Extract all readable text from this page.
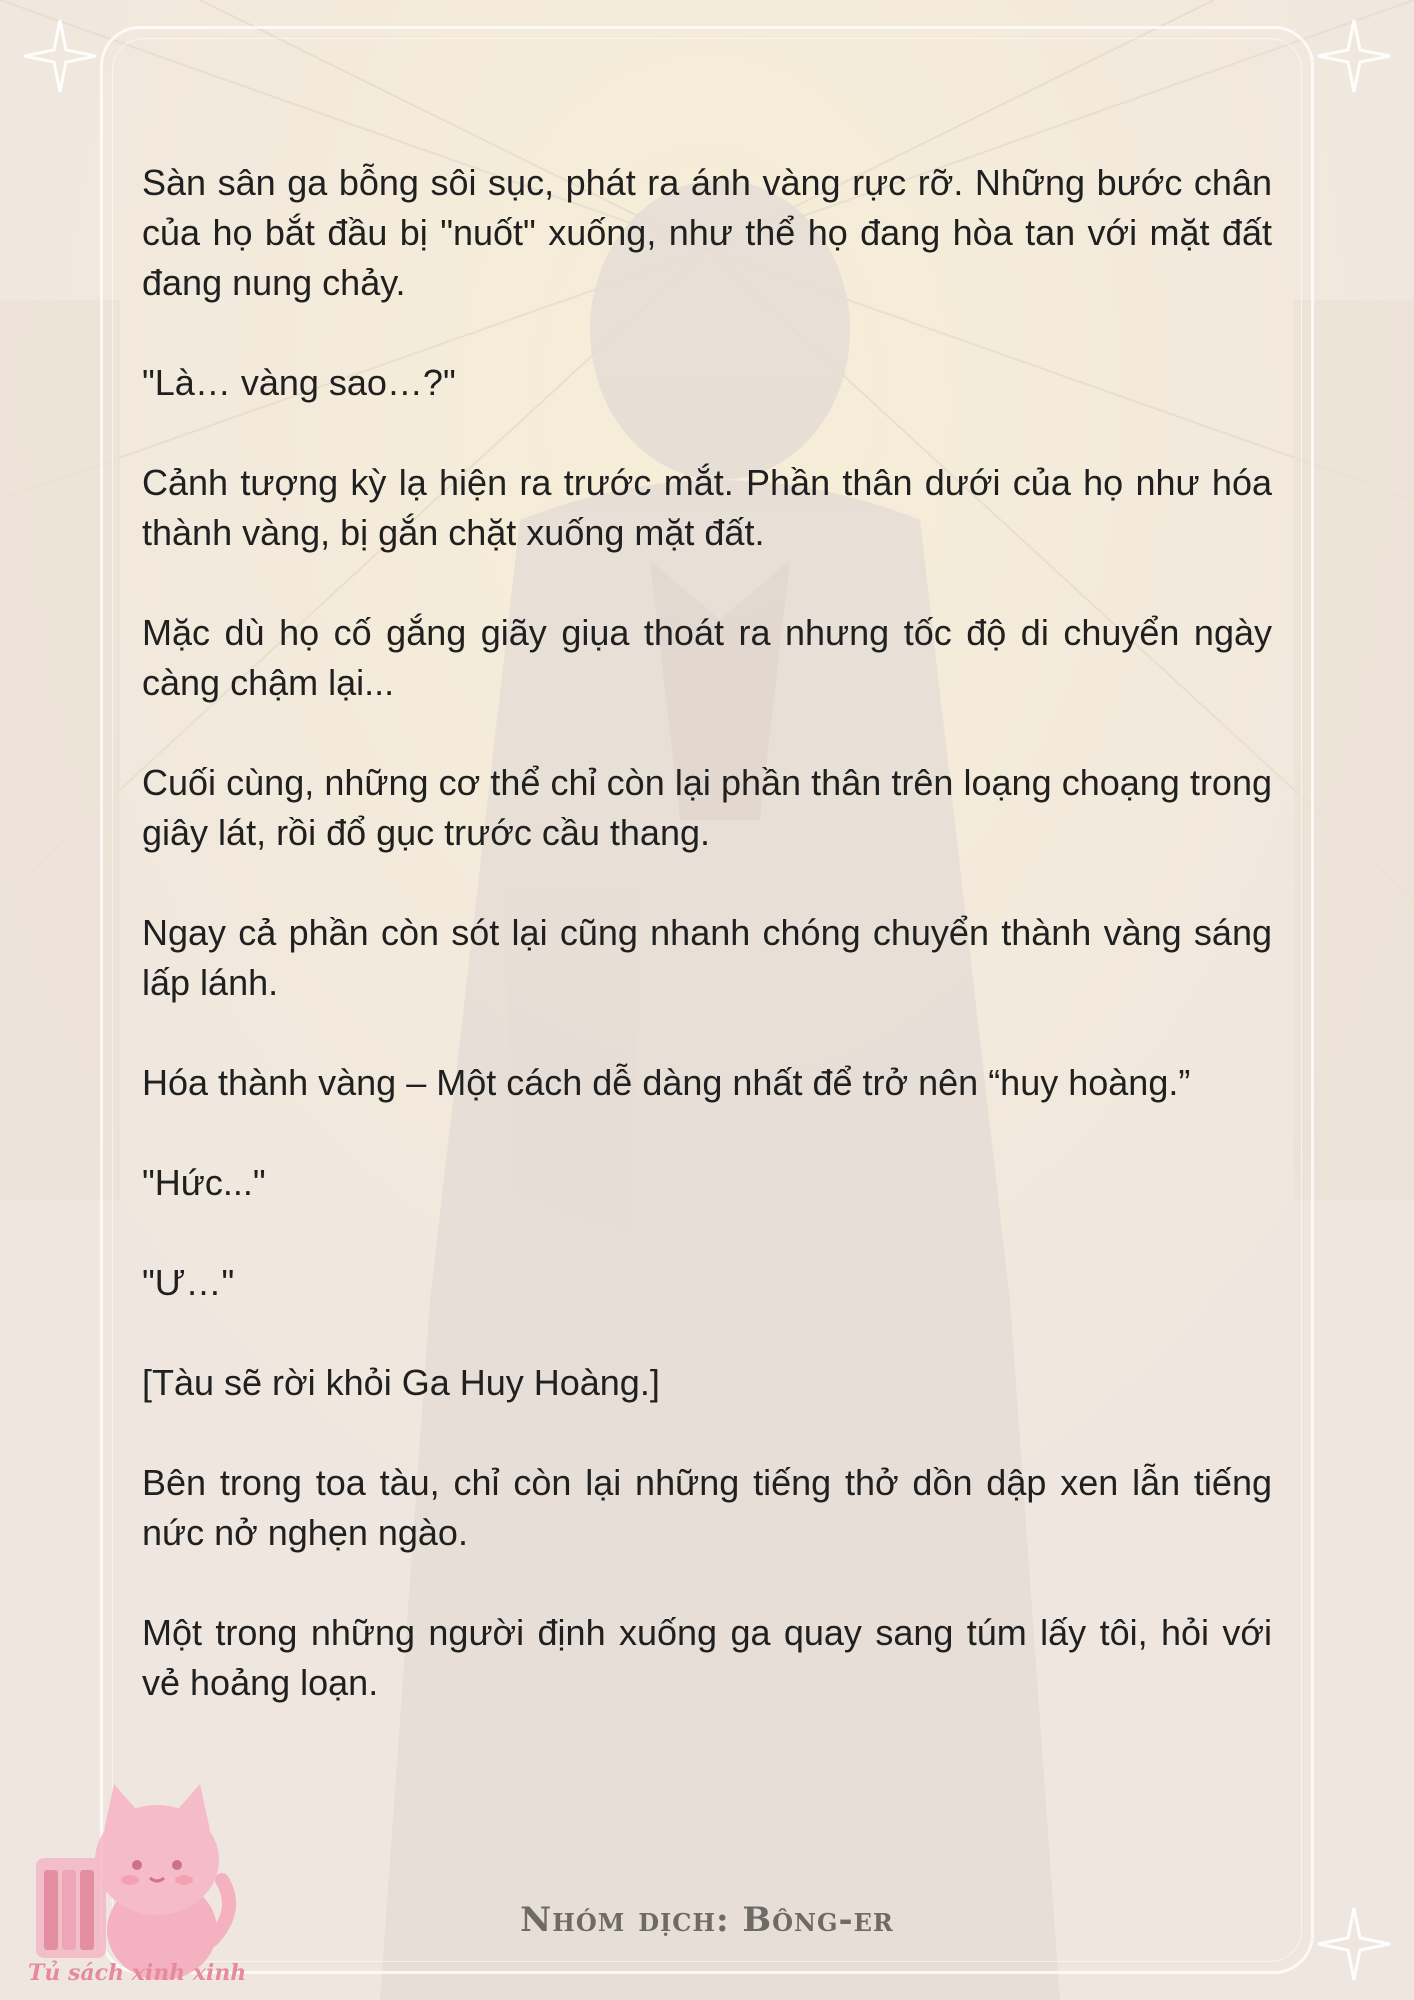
Sàn sân ga bỗng sôi sục, phát ra ánh vàng rực rỡ. Những bước chân của họ bắt đầu bị "nuốt" xuống, như thể họ đang hòa tan với mặt đất đang nung chảy.

"Là… vàng sao…?"

Cảnh tượng kỳ lạ hiện ra trước mắt. Phần thân dưới của họ như hóa thành vàng, bị gắn chặt xuống mặt đất.

Mặc dù họ cố gắng giãy giụa thoát ra nhưng tốc độ di chuyển ngày càng chậm lại...

Cuối cùng, những cơ thể chỉ còn lại phần thân trên loạng choạng trong giây lát, rồi đổ gục trước cầu thang.

Ngay cả phần còn sót lại cũng nhanh chóng chuyển thành vàng sáng lấp lánh.

Hóa thành vàng – Một cách dễ dàng nhất để trở nên “huy hoàng.”

"Hức..."

"Ư…"

[Tàu sẽ rời khỏi Ga Huy Hoàng.]

Bên trong toa tàu, chỉ còn lại những tiếng thở dồn dập xen lẫn tiếng nức nở nghẹn ngào.

Một trong những người định xuống ga quay sang túm lấy tôi, hỏi với vẻ hoảng loạn.

Tủ sách xinh xinh
Nhóm dịch: Bông-er
